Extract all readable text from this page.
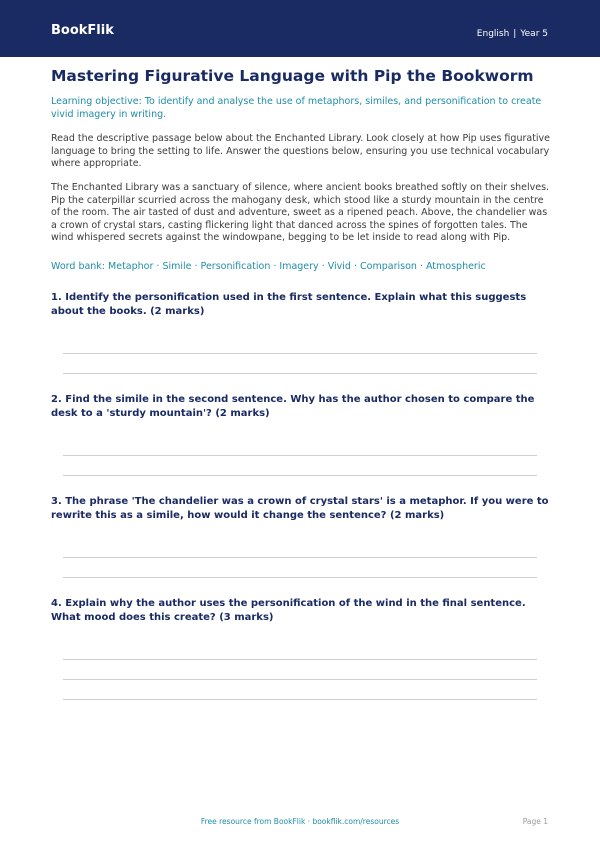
BookFlik	English | Year 5
Mastering Figurative Language with Pip the Bookworm
Learning objective: To identify and analyse the use of metaphors, similes, and personification to create vivid imagery in writing.
Read the descriptive passage below about the Enchanted Library. Look closely at how Pip uses figurative language to bring the setting to life. Answer the questions below, ensuring you use technical vocabulary where appropriate.
The Enchanted Library was a sanctuary of silence, where ancient books breathed softly on their shelves. Pip the caterpillar scurried across the mahogany desk, which stood like a sturdy mountain in the centre of the room. The air tasted of dust and adventure, sweet as a ripened peach. Above, the chandelier was a crown of crystal stars, casting flickering light that danced across the spines of forgotten tales. The wind whispered secrets against the windowpane, begging to be let inside to read along with Pip.
Word bank: Metaphor · Simile · Personification · Imagery · Vivid · Comparison · Atmospheric
1. Identify the personification used in the first sentence. Explain what this suggests about the books. (2 marks)
2. Find the simile in the second sentence. Why has the author chosen to compare the desk to a 'sturdy mountain'? (2 marks)
3. The phrase 'The chandelier was a crown of crystal stars' is a metaphor. If you were to rewrite this as a simile, how would it change the sentence? (2 marks)
4. Explain why the author uses the personification of the wind in the final sentence. What mood does this create? (3 marks)
Free resource from BookFlik · bookflik.com/resources	Page 1
